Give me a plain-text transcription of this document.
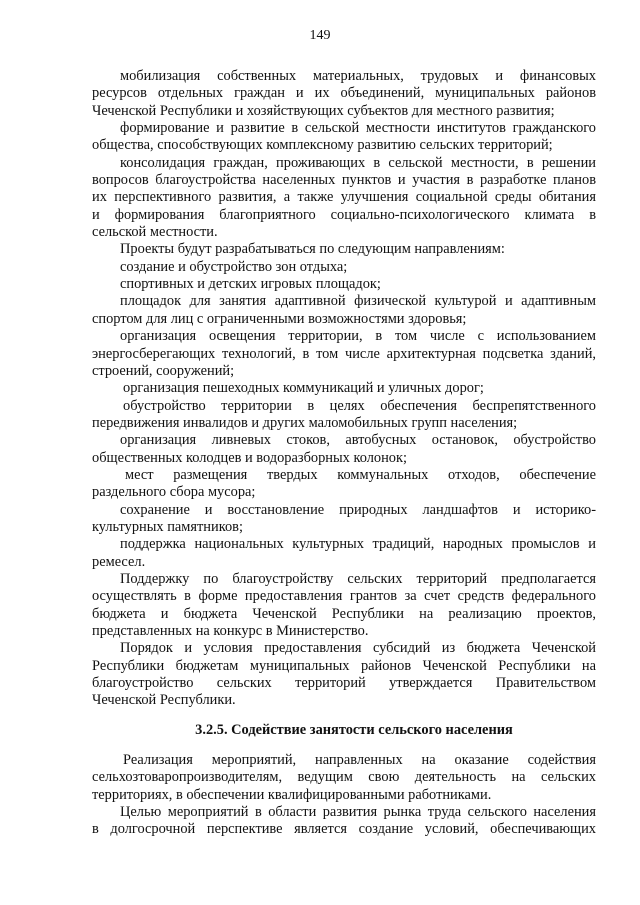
149
мобилизация собственных материальных, трудовых и финансовых
ресурсов отдельных граждан и их объединений, муниципальных районов
Чеченской Республики и хозяйствующих субъектов для местного развития;
формирование и развитие в сельской местности институтов гражданского
общества, способствующих комплексному развитию сельских территорий;
консолидация граждан, проживающих в сельской местности, в решении
вопросов благоустройства населенных пунктов и участия в разработке планов
их перспективного развития, а также улучшения социальной среды обитания
и формирования благоприятного социально-психологического климата в
сельской местности.
Проекты будут разрабатываться по следующим направлениям:
создание и обустройство зон отдыха;
спортивных и детских игровых площадок;
площадок для занятия адаптивной физической культурой и адаптивным
спортом для лиц с ограниченными возможностями здоровья;
организация освещения территории, в том числе с использованием
энергосберегающих технологий, в том числе архитектурная подсветка зданий,
строений, сооружений;
организация пешеходных коммуникаций и уличных дорог;
обустройство территории в целях обеспечения беспрепятственного
передвижения инвалидов и других маломобильных групп населения;
организация ливневых стоков, автобусных остановок, обустройство
общественных колодцев и водоразборных колонок;
мест размещения твердых коммунальных отходов, обеспечение
раздельного сбора мусора;
сохранение и восстановление природных ландшафтов и историко-
культурных памятников;
поддержка национальных культурных традиций, народных промыслов и
ремесел.
Поддержку по благоустройству сельских территорий предполагается
осуществлять в форме предоставления грантов за счет средств федерального
бюджета и бюджета Чеченской Республики на реализацию проектов,
представленных на конкурс в Министерство.
Порядок и условия предоставления субсидий из бюджета Чеченской
Республики бюджетам муниципальных районов Чеченской Республики на
благоустройство сельских территорий утверждается Правительством
Чеченской Республики.
3.2.5. Содействие занятости сельского населения
Реализация мероприятий, направленных на оказание содействия
сельхозтоваропроизводителям, ведущим свою деятельность на сельских
территориях, в обеспечении квалифицированными работниками.
Целью мероприятий в области развития рынка труда сельского населения
в долгосрочной перспективе является создание условий, обеспечивающих
